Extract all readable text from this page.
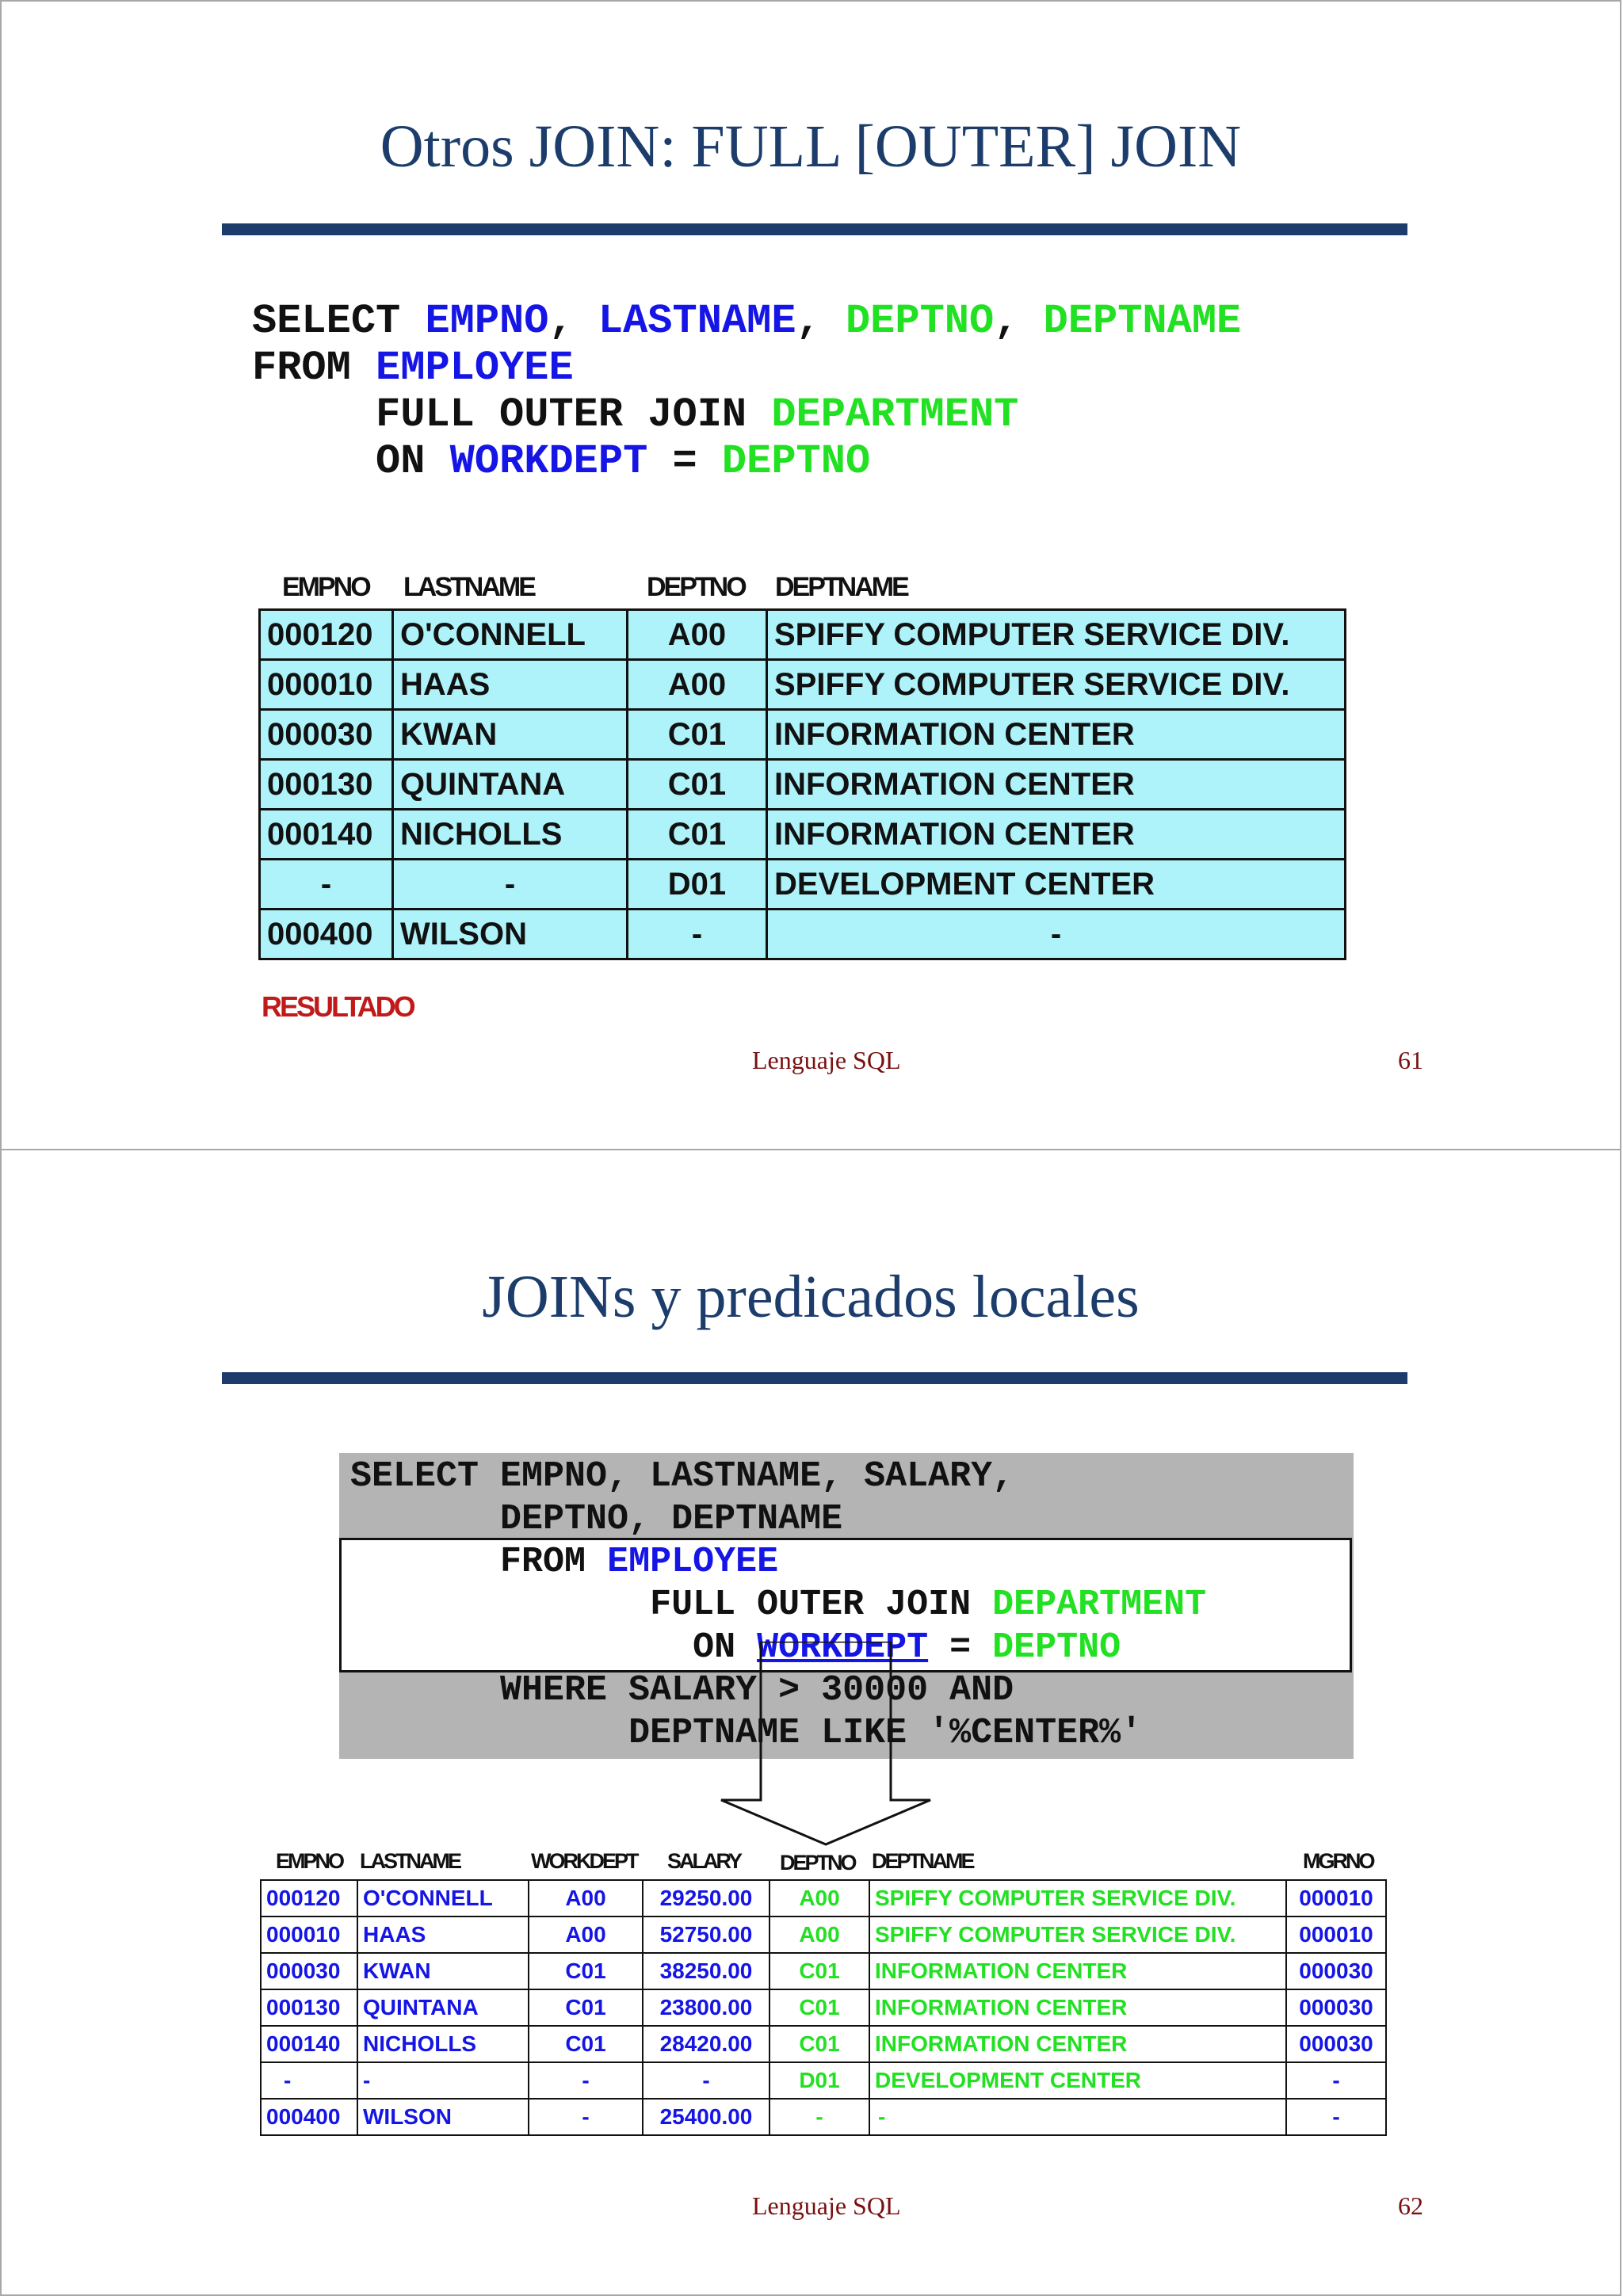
Otros JOIN: FULL [OUTER] JOIN
SELECT EMPNO, LASTNAME, DEPTNO, DEPTNAME
FROM EMPLOYEE
FULL OUTER JOIN DEPARTMENT
ON WORKDEPT = DEPTNO
EMPNO LASTNAME	DEPTNO DEPTNAME
000120	O'CONNELL	A00	SPIFFY COMPUTER SERVICE DIV.
000010	HAAS	A00	SPIFFY COMPUTER SERVICE DIV.
000030	KWAN	C01	INFORMATION CENTER
000130	QUINTANA	C01	INFORMATION CENTER
000140	NICHOLLS	C01	INFORMATION CENTER
-	-	D01	DEVELOPMENT CENTER
000400	WILSON	-	-
RESULTADO
Lenguaje SQL	61
JOINs y predicados locales
SELECT EMPNO, LASTNAME, SALARY,
DEPTNO, DEPTNAME
FROM EMPLOYEE
FULL OUTER JOIN DEPARTMENT
ON WORKDEPT = DEPTNO
WHERE SALARY > 30000 AND
DEPTNAME LIKE '%CENTER%'
EMPNO LASTNAME	WORKDEPT SALARY DEPTNO DEPTNAME	MGRNO
000120	O'CONNELL	A00	29250.00	A00	SPIFFY COMPUTER SERVICE DIV.	000010
000010	HAAS	A00	52750.00	A00	SPIFFY COMPUTER SERVICE DIV.	000010
000030	KWAN	C01	38250.00	C01	INFORMATION CENTER	000030
000130	QUINTANA	C01	23800.00	C01	INFORMATION CENTER	000030
000140	NICHOLLS	C01	28420.00	C01	INFORMATION CENTER	000030
-	-	-	-	D01	DEVELOPMENT CENTER	-
000400	WILSON	-	25400.00	-	-	-
Lenguaje SQL	62
